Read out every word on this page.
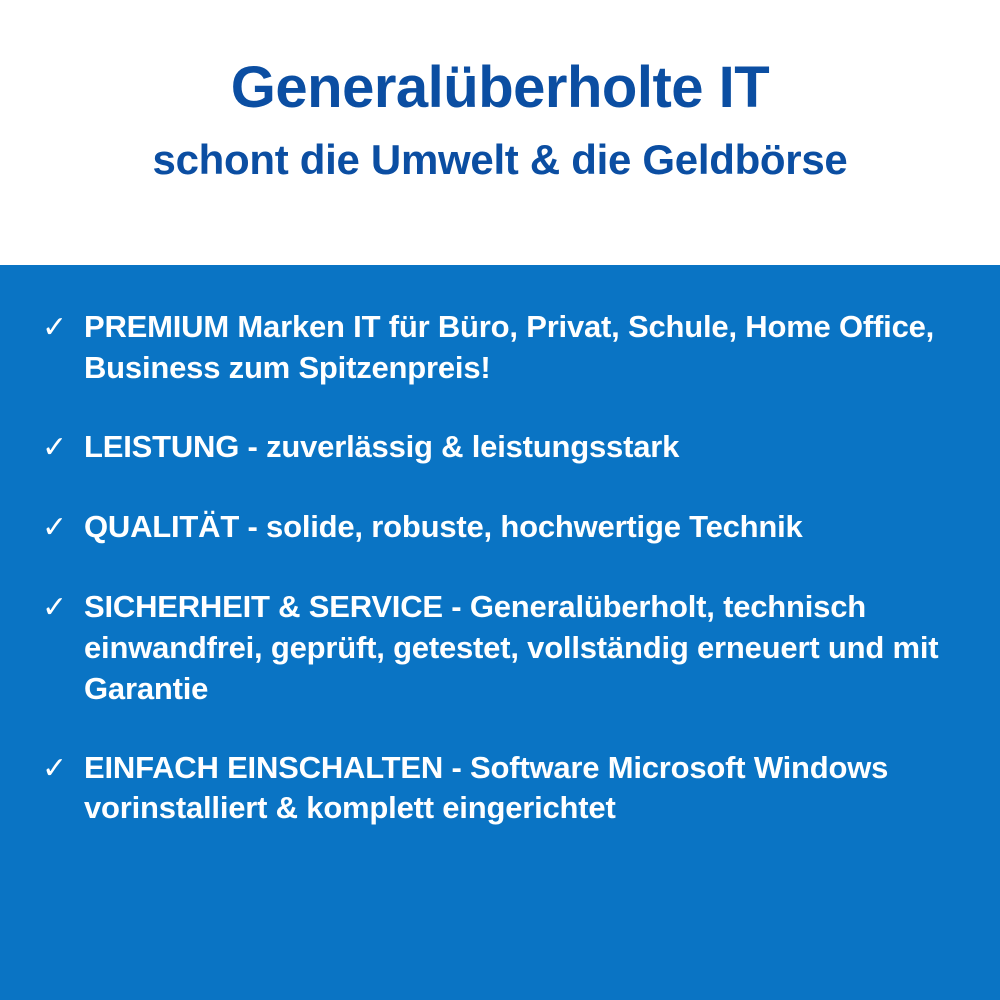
Generalüberholte IT
schont die Umwelt & die Geldbörse
✓ PREMIUM Marken IT für Büro, Privat, Schule, Home Office, Business zum Spitzenpreis!
✓ LEISTUNG - zuverlässig & leistungsstark
✓ QUALITÄT - solide, robuste, hochwertige Technik
✓ SICHERHEIT & SERVICE - Generalüberholt, technisch einwandfrei, geprüft, getestet, vollständig erneuert und mit Garantie
✓ EINFACH EINSCHALTEN - Software Microsoft Windows vorinstalliert & komplett eingerichtet
